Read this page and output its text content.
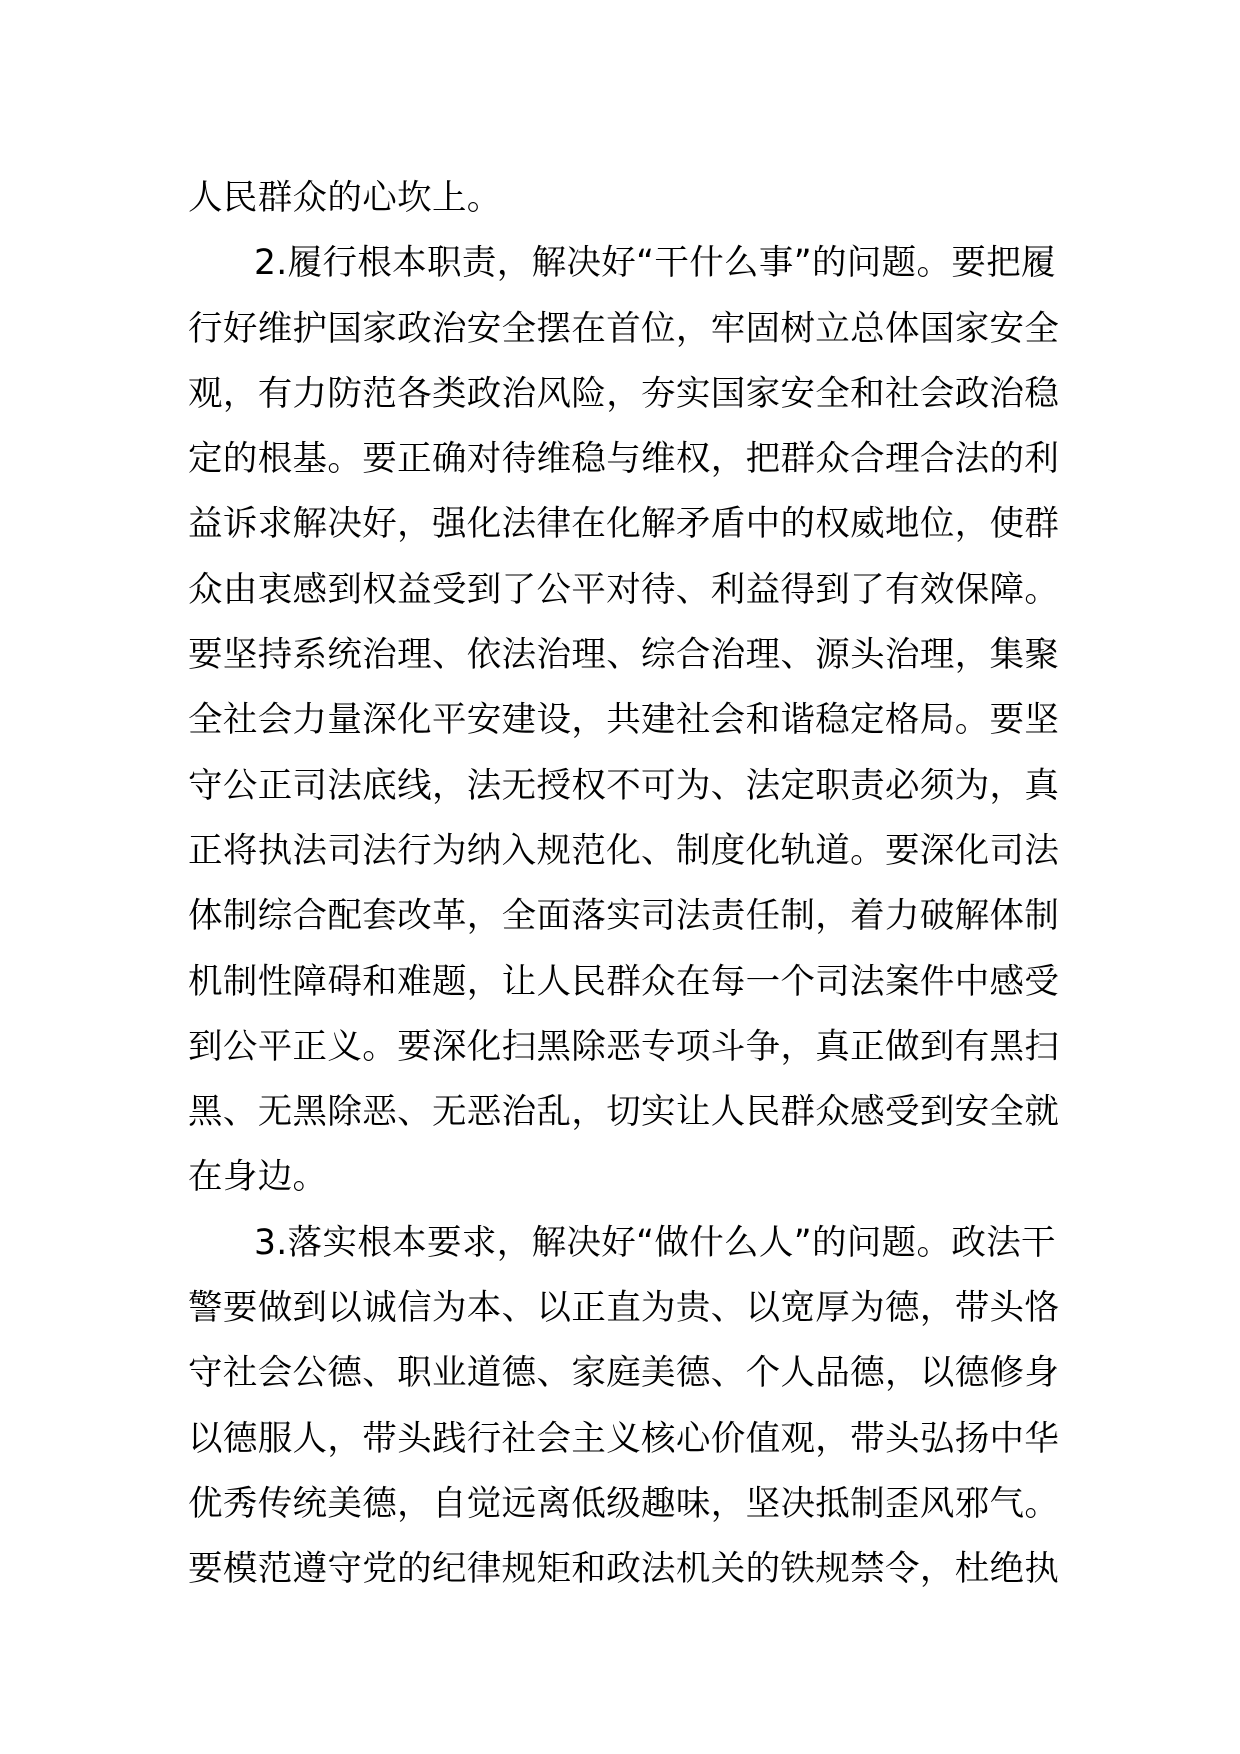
人民群众的心坎上。
2.履行根本职责，解决好“干什么事”的问题。要把履
行好维护国家政治安全摆在首位，牢固树立总体国家安全
观，有力防范各类政治风险，夯实国家安全和社会政治稳
定的根基。要正确对待维稳与维权，把群众合理合法的利
益诉求解决好，强化法律在化解矛盾中的权威地位，使群
众由衷感到权益受到了公平对待、利益得到了有效保障。
要坚持系统治理、依法治理、综合治理、源头治理，集聚
全社会力量深化平安建设，共建社会和谐稳定格局。要坚
守公正司法底线，法无授权不可为、法定职责必须为，真
正将执法司法行为纳入规范化、制度化轨道。要深化司法
体制综合配套改革，全面落实司法责任制，着力破解体制
机制性障碍和难题，让人民群众在每一个司法案件中感受
到公平正义。要深化扫黑除恶专项斗争，真正做到有黑扫
黑、无黑除恶、无恶治乱，切实让人民群众感受到安全就
在身边。
3.落实根本要求，解决好“做什么人”的问题。政法干
警要做到以诚信为本、以正直为贵、以宽厚为德，带头恪
守社会公德、职业道德、家庭美德、个人品德，以德修身
以德服人，带头践行社会主义核心价值观，带头弘扬中华
优秀传统美德，自觉远离低级趣味，坚决抵制歪风邪气。
要模范遵守党的纪律规矩和政法机关的铁规禁令，杜绝执
